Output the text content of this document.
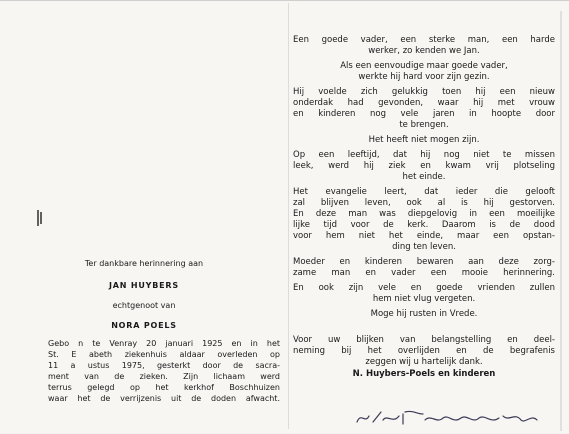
Ter dankbare herinnering aan
JAN HUYBERS
echtgenoot van
NORA POELS
Gebo n te Venray 20 januari 1925 en in het
St. E abeth ziekenhuis aldaar overleden op
11 a ustus 1975, gesterkt door de sacra-
ment van de zieken. Zijn lichaam werd
terrus gelegd op het kerkhof Boschhuizen
waar het de verrijzenis uit de doden afwacht.
Een goede vader, een sterke man, een harde
werker, zo kenden we Jan.
Als een eenvoudige maar goede vader,
werkte hij hard voor zijn gezin.
Hij voelde zich gelukkig toen hij een nieuw
onderdak had gevonden, waar hij met vrouw
en kinderen nog vele jaren in hoopte door
te brengen.
Het heeft niet mogen zijn.
Op een leeftijd, dat hij nog niet te missen
leek, werd hij ziek en kwam vrij plotseling
het einde.
Het evangelie leert, dat ieder die gelooft
zal blijven leven, ook al is hij gestorven.
En deze man was diepgelovig in een moeilijke
lijke tijd voor de kerk. Daarom is de dood
voor hem niet het einde, maar een opstan-
ding ten leven.
Moeder en kinderen bewaren aan deze zorg-
zame man en vader een mooie herinnering.
En ook zijn vele en goede vrienden zullen
hem niet vlug vergeten.
Moge hij rusten in Vrede.
Voor uw blijken van belangstelling en deel-
neming bij het overlijden en de begrafenis
zeggen wij u hartelijk dank.
N. Huybers-Poels en kinderen
